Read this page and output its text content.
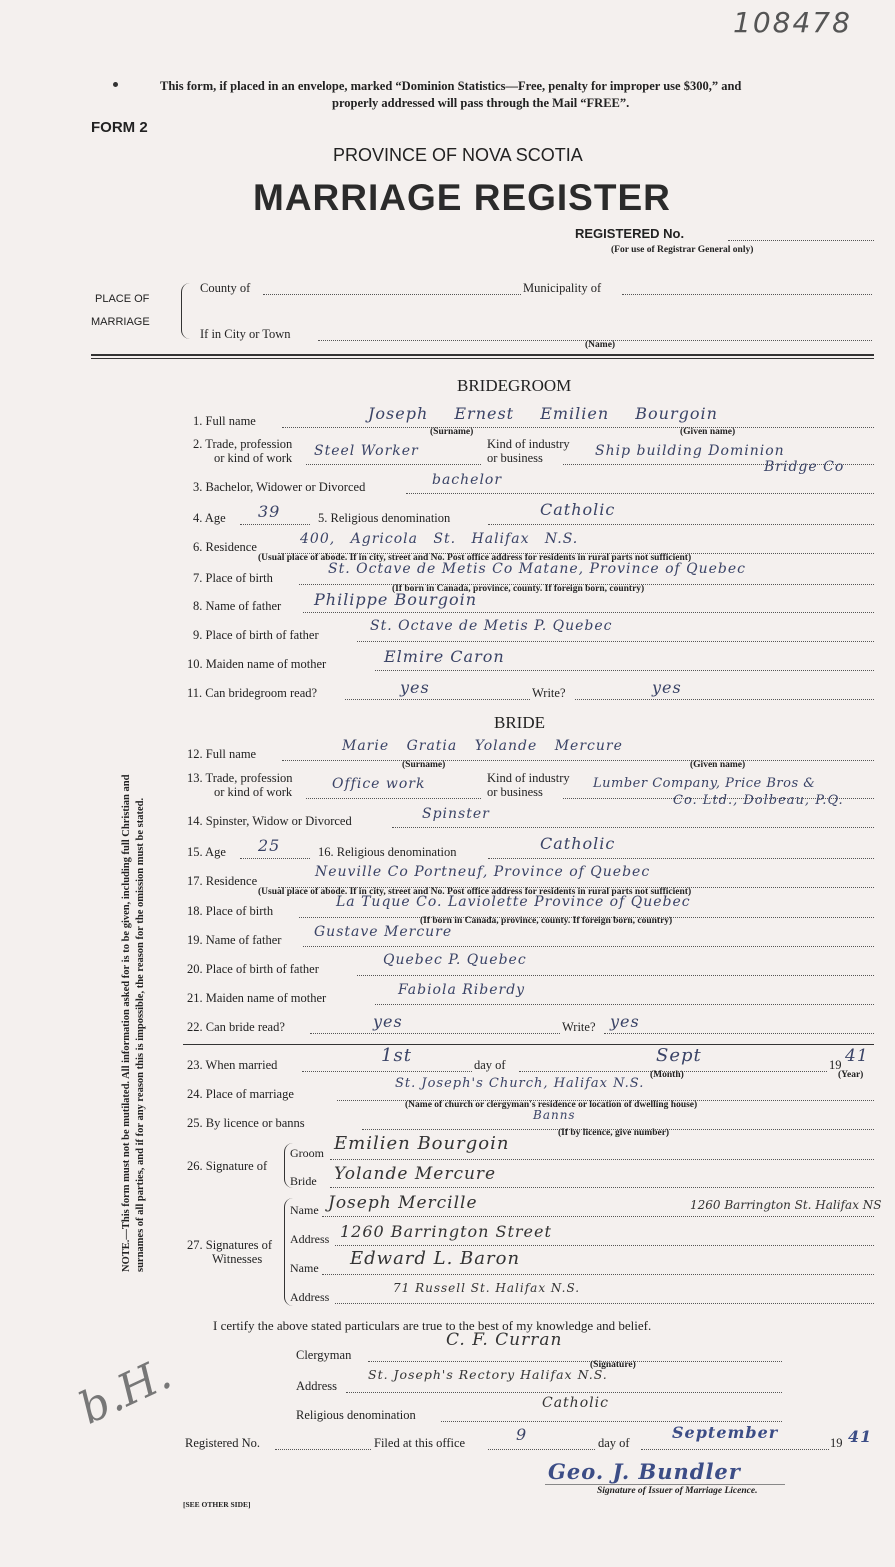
108478
This form, if placed in an envelope, marked “Dominion Statistics—Free, penalty for improper use $300,” and
properly addressed will pass through the Mail “FREE”.
FORM 2
PROVINCE OF NOVA SCOTIA
MARRIAGE REGISTER
REGISTERED No.
(For use of Registrar General only)
PLACE OF
MARRIAGE
County of	Municipality of
If in City or Town
(Name)
BRIDEGROOM
1. Full name	Joseph Ernest Emilien Bourgoin
(Surname)	(Given name)
2. Trade, profession
or kind of work Steel Worker	Kind of industry
or business	Ship building Dominion
Bridge Co
3. Bachelor, Widower or Divorced	bachelor
4. Age 39	5. Religious denomination	Catholic
6. Residence	400, Agricola St. Halifax N.S.
(Usual place of abode. If in city, street and No. Post office address for residents in rural parts not sufficient)
7. Place of birth
St. Octave de Metis Co Matane, Province of Quebec
(If born in Canada, province, county. If foreign born, country)
8. Name of father Philippe Bourgoin
9. Place of birth of father
St. Octave de Metis P. Quebec
10. Maiden name of mother	Elmire Caron
11. Can bridegroom read?	yes	Write?	yes
BRIDE
12. Full name	Marie Gratia Yolande Mercure
(Surname)	(Given name)
13. Trade, profession
or kind of work	Office work	Kind of industry
or business
Lumber Company, Price Bros &
Co. Ltd., Dolbeau, P.Q.
14. Spinster, Widow or Divorced	Spinster
15. Age 25	16. Religious denomination	Catholic
17. Residence
Neuville Co Portneuf, Province of Quebec
(Usual place of abode. If in city, street and No. Post office address for residents in rural parts not sufficient)
18. Place of birth
La Tuque Co. Laviolette Province of Quebec
(If born in Canada, province, county. If foreign born, country)
19. Name of father Gustave Mercure
20. Place of birth of father
Quebec P. Quebec
21. Maiden name of mother	Fabiola Riberdy
22. Can bride read?	yes	Write? yes
23. When married	1st	day of	Sept
(Month)
19 41
(Year)
24. Place of marriage
St. Joseph's Church, Halifax N.S.
(Name of church or clergyman's residence or location of dwelling house)
25. By licence or banns
Banns
(If by licence, give number)
26. Signature of
Groom Emilien Bourgoin
Bride Yolande Mercure
27. Signatures of
Witnesses
Name Joseph Mercille	1260 Barrington St. Halifax NS
Address 1260 Barrington Street
Name Edward L. Baron
Address
71 Russell St. Halifax N.S.
I certify the above stated particulars are true to the best of my knowledge and belief.
Clergyman
C. F. Curran
(Signature)
Address
St. Joseph's Rectory Halifax N.S.
Religious denomination
Catholic
Registered No.	Filed at this office	9	day of
September
19 41
Geo. J. Bundler
Signature of Issuer of Marriage Licence.
[SEE OTHER SIDE]
NOTE.—This form must not be mutilated. All information asked for is to be given, including full Christian and surnames of all parties, and if for any reason this is impossible, the reason for the omission must be stated.
b.H.
